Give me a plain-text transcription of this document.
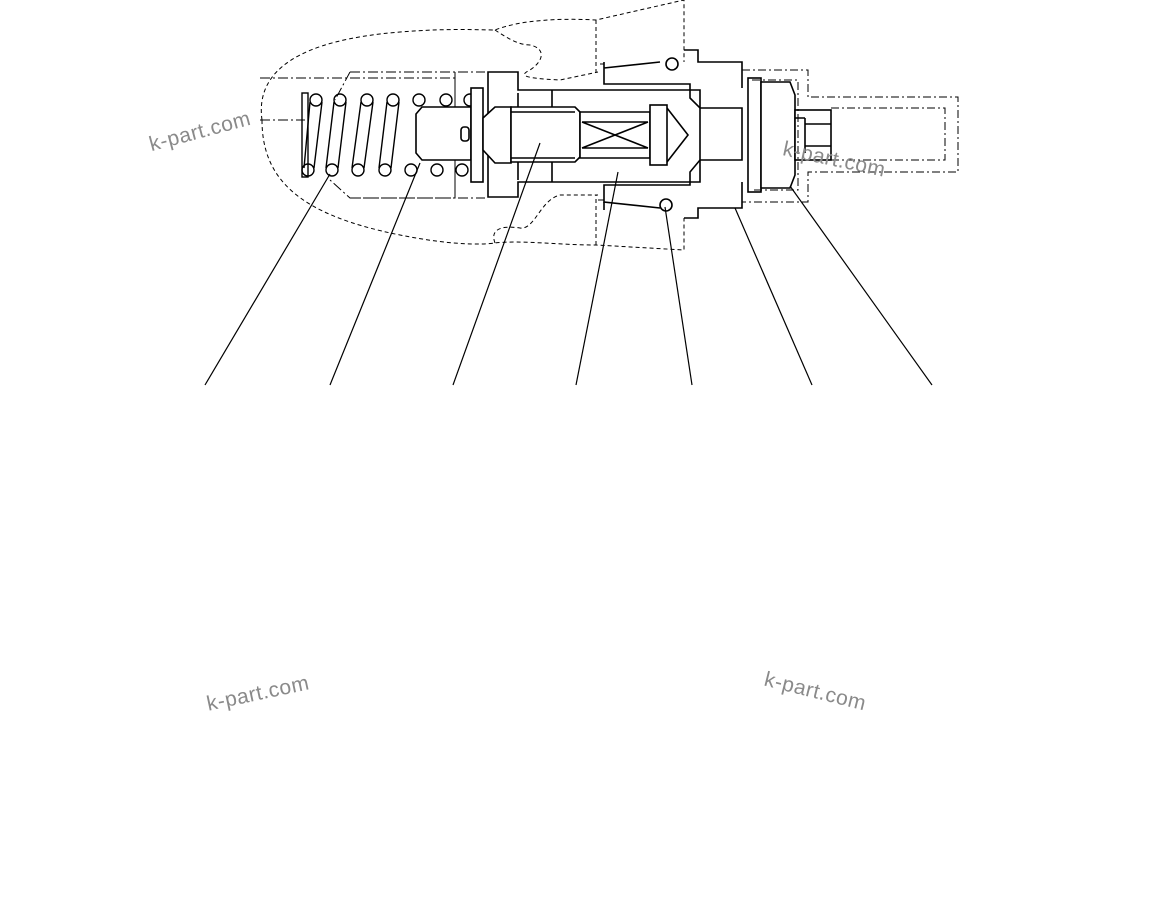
k-part.com
k-part.com
k-part.com	k-part.com
